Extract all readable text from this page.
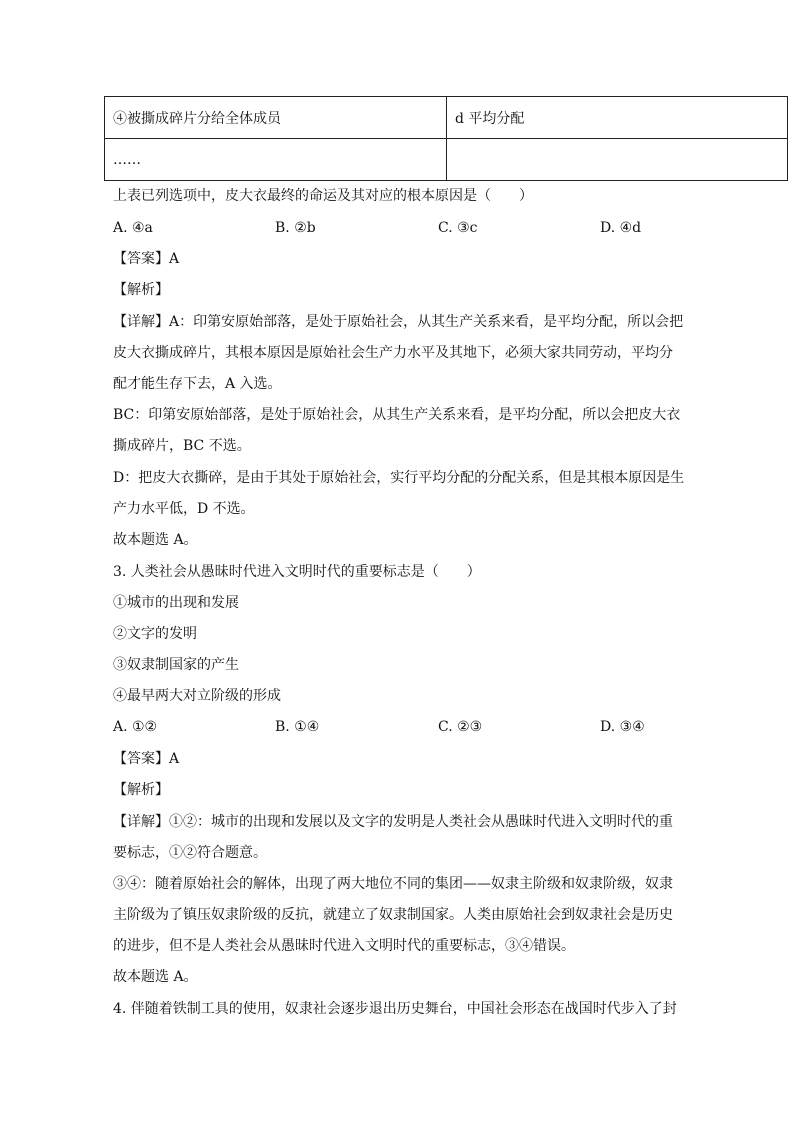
④被撕成碎片分给全体成员	d 平均分配
……	
上表已列选项中，皮大衣最终的命运及其对应的根本原因是（　　）
A. ④a	B. ②b	C. ③c	D. ④d
【答案】A
【解析】
【详解】A：印第安原始部落，是处于原始社会，从其生产关系来看，是平均分配，所以会把
皮大衣撕成碎片，其根本原因是原始社会生产力水平及其地下，必须大家共同劳动，平均分
配才能生存下去，A 入选。
BC：印第安原始部落，是处于原始社会，从其生产关系来看，是平均分配，所以会把皮大衣
撕成碎片，BC 不选。
D：把皮大衣撕碎，是由于其处于原始社会，实行平均分配的分配关系，但是其根本原因是生
产力水平低，D 不选。
故本题选 A。
3. 人类社会从愚昧时代进入文明时代的重要标志是（　　）
①城市的出现和发展
②文字的发明
③奴隶制国家的产生
④最早两大对立阶级的形成
A. ①②	B. ①④	C. ②③	D. ③④
【答案】A
【解析】
【详解】①②：城市的出现和发展以及文字的发明是人类社会从愚昧时代进入文明时代的重
要标志，①②符合题意。
③④：随着原始社会的解体，出现了两大地位不同的集团——奴隶主阶级和奴隶阶级，奴隶
主阶级为了镇压奴隶阶级的反抗，就建立了奴隶制国家。人类由原始社会到奴隶社会是历史
的进步，但不是人类社会从愚昧时代进入文明时代的重要标志，③④错误。
故本题选 A。
4. 伴随着铁制工具的使用，奴隶社会逐步退出历史舞台，中国社会形态在战国时代步入了封
